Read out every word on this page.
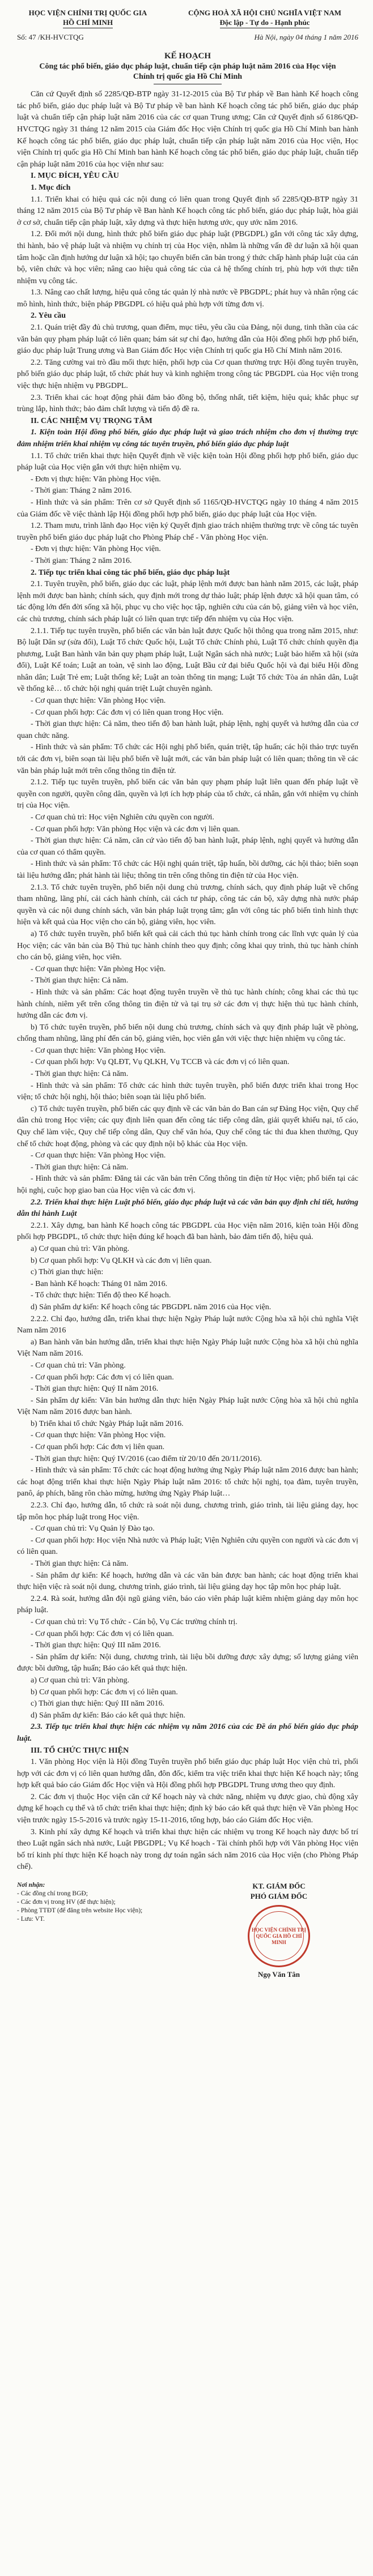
HỌC VIỆN CHÍNH TRỊ QUỐC GIA
HỒ CHÍ MINH
CỘNG HOÀ XÃ HỘI CHỦ NGHĨA VIỆT NAM
Độc lập - Tự do - Hạnh phúc
Số: 47 /KH-HVCTQG	Hà Nội, ngày 04 tháng 1 năm 2016
KẾ HOẠCH
Công tác phổ biến, giáo dục pháp luật, chuẩn tiếp cận pháp luật năm 2016 của Học viện Chính trị quốc gia Hồ Chí Minh

Căn cứ Quyết định số 2285/QĐ-BTP ngày 31-12-2015 của Bộ Tư pháp về Ban hành Kế hoạch công tác phổ biến, giáo dục pháp luật và Bộ Tư pháp về ban hành Kế hoạch công tác phổ biến, giáo dục pháp luật và chuẩn tiếp cận pháp luật năm 2016 của các cơ quan Trung ương; Căn cứ Quyết định số 6186/QĐ-HVCTQG ngày 31 tháng 12 năm 2015 của Giám đốc Học viện Chính trị quốc gia Hồ Chí Minh ban hành Kế hoạch công tác phổ biến, giáo dục pháp luật, chuẩn tiếp cận pháp luật năm 2016 của Học viện, Học viện Chính trị quốc gia Hồ Chí Minh ban hành Kế hoạch công tác phổ biến, giáo dục pháp luật, chuẩn tiếp cận pháp luật năm 2016 của học viện như sau:

I. MỤC ĐÍCH, YÊU CẦU

1. Mục đích

1.1. Triển khai có hiệu quả các nội dung có liên quan trong Quyết định số 2285/QĐ-BTP ngày 31 tháng 12 năm 2015 của Bộ Tư pháp về Ban hành Kế hoạch công tác phổ biến, giáo dục pháp luật, hòa giải ở cơ sở, chuẩn tiếp cận pháp luật, xây dựng và thực hiện hương ước, quy ước năm 2016.

1.2. Đổi mới nội dung, hình thức phổ biến giáo dục pháp luật (PBGDPL) gắn với công tác xây dựng, thi hành, bảo vệ pháp luật và nhiệm vụ chính trị của Học viện, nhằm là những vấn đề dư luận xã hội quan tâm hoặc cần định hướng dư luận xã hội; tạo chuyển biến căn bản trong ý thức chấp hành pháp luật của cán bộ, viên chức và học viên; nâng cao hiệu quả công tác của cả hệ thống chính trị, phù hợp với thực tiễn nhiệm vụ công tác.

1.3. Nâng cao chất lượng, hiệu quả công tác quản lý nhà nước về PBGDPL; phát huy và nhân rộng các mô hình, hình thức, biện pháp PBGDPL có hiệu quả phù hợp với từng đơn vị.

2. Yêu cầu

2.1. Quán triệt đầy đủ chủ trương, quan điểm, mục tiêu, yêu cầu của Đảng, nội dung, tinh thần của các văn bản quy phạm pháp luật có liên quan; bám sát sự chỉ đạo, hướng dẫn của Hội đồng phối hợp phổ biến, giáo dục pháp luật Trung ương và Ban Giám đốc Học viện Chính trị quốc gia Hồ Chí Minh năm 2016.

2.2. Tăng cường vai trò đầu mối thực hiện, phối hợp của Cơ quan thường trực Hội đồng tuyên truyền, phổ biến giáo dục pháp luật, tổ chức phát huy và kinh nghiệm trong công tác PBGDPL của Học viện trong việc thực hiện nhiệm vụ PBGDPL.

2.3. Triển khai các hoạt động phải đảm bảo đồng bộ, thống nhất, tiết kiệm, hiệu quả; khắc phục sự trùng lắp, hình thức; bảo đảm chất lượng và tiến độ đề ra.

II. CÁC NHIỆM VỤ TRỌNG TÂM

1. Kiện toàn Hội đồng phổ biến, giáo dục pháp luật và giao trách nhiệm cho đơn vị thường trực đảm nhiệm triển khai nhiệm vụ công tác tuyên truyền, phổ biến giáo dục pháp luật

1.1. Tổ chức triển khai thực hiện Quyết định về việc kiện toàn Hội đồng phối hợp phổ biến, giáo dục pháp luật của Học viện gắn với thực hiện nhiệm vụ.

- Đơn vị thực hiện: Văn phòng Học viện.

- Thời gian: Tháng 2 năm 2016.

- Hình thức và sản phẩm: Trên cơ sở Quyết định số 1165/QĐ-HVCTQG ngày 10 tháng 4 năm 2015 của Giám đốc về việc thành lập Hội đồng phối hợp phổ biến, giáo dục pháp luật của Học viện.

1.2. Tham mưu, trình lãnh đạo Học viện ký Quyết định giao trách nhiệm thường trực về công tác tuyên truyền phổ biến giáo dục pháp luật cho Phòng Pháp chế - Văn phòng Học viện.

- Đơn vị thực hiện: Văn phòng Học viện.

- Thời gian: Tháng 2 năm 2016.

2. Tiếp tục triển khai công tác phổ biến, giáo dục pháp luật

2.1. Tuyên truyền, phổ biến, giáo dục các luật, pháp lệnh mới được ban hành năm 2015, các luật, pháp lệnh mới được ban hành; chính sách, quy định mới trong dự thảo luật; pháp lệnh được xã hội quan tâm, có tác động lớn đến đời sống xã hội, phục vụ cho việc học tập, nghiên cứu của cán bộ, giảng viên và học viên, các chủ trương, chính sách pháp luật có liên quan trực tiếp đến nhiệm vụ của Học viện.

2.1.1. Tiếp tục tuyên truyền, phổ biến các văn bản luật được Quốc hội thông qua trong năm 2015, như: Bộ luật Dân sự (sửa đổi), Luật Tổ chức Quốc hội, Luật Tổ chức Chính phủ, Luật Tổ chức chính quyền địa phương, Luật Ban hành văn bản quy phạm pháp luật, Luật Ngân sách nhà nước; Luật bảo hiểm xã hội (sửa đổi), Luật Kế toán; Luật an toàn, vệ sinh lao động, Luật Bầu cử đại biểu Quốc hội và đại biểu Hội đồng nhân dân; Luật Trẻ em; Luật thống kê; Luật an toàn thông tin mạng; Luật Tổ chức Tòa án nhân dân, Luật về thống kê… tổ chức hội nghị quán triệt Luật chuyên ngành.

- Cơ quan thực hiện: Văn phòng Học viện.

- Cơ quan phối hợp: Các đơn vị có liên quan trong Học viện.

- Thời gian thực hiện: Cả năm, theo tiến độ ban hành luật, pháp lệnh, nghị quyết và hướng dẫn của cơ quan chức năng.

- Hình thức và sản phẩm: Tổ chức các Hội nghị phổ biến, quán triệt, tập huấn; các hội thảo trực tuyến tới các đơn vị, biên soạn tài liệu phổ biến về luật mới, các văn bản pháp luật có liên quan; thông tin về các văn bản pháp luật mới trên cổng thông tin điện tử.

2.1.2. Tiếp tục tuyên truyền, phổ biến các văn bản quy phạm pháp luật liên quan đến pháp luật về quyền con người, quyền công dân, quyền và lợi ích hợp pháp của tổ chức, cá nhân, gắn với nhiệm vụ chính trị của Học viện.

- Cơ quan chủ trì: Học viện Nghiên cứu quyền con người.

- Cơ quan phối hợp: Văn phòng Học viện và các đơn vị liên quan.

- Thời gian thực hiện: Cả năm, căn cứ vào tiến độ ban hành luật, pháp lệnh, nghị quyết và hướng dẫn của cơ quan có thẩm quyền.

- Hình thức và sản phẩm: Tổ chức các Hội nghị quán triệt, tập huấn, bồi dưỡng, các hội thảo; biên soạn tài liệu hướng dẫn; phát hành tài liệu; thông tin trên cổng thông tin điện tử của Học viện.

2.1.3. Tổ chức tuyên truyền, phổ biến nội dung chủ trương, chính sách, quy định pháp luật về chống tham nhũng, lãng phí, cải cách hành chính, cải cách tư pháp, công tác cán bộ, xây dựng nhà nước pháp quyền và các nội dung chính sách, văn bản pháp luật trọng tâm; gắn với công tác phổ biến tình hình thực hiện và kết quả của Học viện cho cán bộ, giảng viên, học viên.

a) Tổ chức tuyên truyền, phổ biến kết quả cải cách thủ tục hành chính trong các lĩnh vực quản lý của Học viện; các văn bản của Bộ Thủ tục hành chính theo quy định; công khai quy trình, thủ tục hành chính cho cán bộ, giảng viên, học viên.

- Cơ quan thực hiện: Văn phòng Học viện.

- Thời gian thực hiện: Cả năm.

- Hình thức và sản phẩm: Các hoạt động tuyên truyền về thủ tục hành chính; công khai các thủ tục hành chính, niêm yết trên cổng thông tin điện tử và tại trụ sở các đơn vị thực hiện thủ tục hành chính, hướng dẫn các đơn vị.

b) Tổ chức tuyên truyền, phổ biến nội dung chủ trương, chính sách và quy định pháp luật về phòng, chống tham nhũng, lãng phí đến cán bộ, giảng viên, học viên gắn với việc thực hiện nhiệm vụ công tác.

- Cơ quan thực hiện: Văn phòng Học viện.

- Cơ quan phối hợp: Vụ QLĐT, Vụ QLKH, Vụ TCCB và các đơn vị có liên quan.

- Thời gian thực hiện: Cả năm.

- Hình thức và sản phẩm: Tổ chức các hình thức tuyên truyền, phổ biến được triển khai trong Học viện; tổ chức hội nghị, hội thảo; biên soạn tài liệu phổ biến.

c) Tổ chức tuyên truyền, phổ biến các quy định về các văn bản do Ban cán sự Đảng Học viện, Quy chế dân chủ trong Học viện; các quy định liên quan đến công tác tiếp công dân, giải quyết khiếu nại, tố cáo, Quy chế làm việc, Quy chế tiếp công dân, Quy chế văn hóa, Quy chế công tác thi đua khen thưởng, Quy chế tổ chức hoạt động, phòng và các quy định nội bộ khác của Học viện.

- Cơ quan thực hiện: Văn phòng Học viện.

- Thời gian thực hiện: Cả năm.

- Hình thức và sản phẩm: Đăng tải các văn bản trên Cổng thông tin điện tử Học viện; phổ biến tại các hội nghị, cuộc họp giao ban của Học viện và các đơn vị.

2.2. Triển khai thực hiện Luật phổ biến, giáo dục pháp luật và các văn bản quy định chi tiết, hướng dẫn thi hành Luật

2.2.1. Xây dựng, ban hành Kế hoạch công tác PBGDPL của Học viện năm 2016, kiện toàn Hội đồng phối hợp PBGDPL, tổ chức thực hiện đúng kế hoạch đã ban hành, bảo đảm tiến độ, hiệu quả.

a) Cơ quan chủ trì: Văn phòng.

b) Cơ quan phối hợp: Vụ QLKH và các đơn vị liên quan.

c) Thời gian thực hiện:

- Ban hành Kế hoạch: Tháng 01 năm 2016.

- Tổ chức thực hiện: Tiến độ theo Kế hoạch.

d) Sản phẩm dự kiến: Kế hoạch công tác PBGDPL năm 2016 của Học viện.

2.2.2. Chỉ đạo, hướng dẫn, triển khai thực hiện Ngày Pháp luật nước Cộng hòa xã hội chủ nghĩa Việt Nam năm 2016

a) Ban hành văn bản hướng dẫn, triển khai thực hiện Ngày Pháp luật nước Cộng hòa xã hội chủ nghĩa Việt Nam năm 2016.

- Cơ quan chủ trì: Văn phòng.

- Cơ quan phối hợp: Các đơn vị có liên quan.

- Thời gian thực hiện: Quý II năm 2016.

- Sản phẩm dự kiến: Văn bản hướng dẫn thực hiện Ngày Pháp luật nước Cộng hòa xã hội chủ nghĩa Việt Nam năm 2016 được ban hành.

b) Triển khai tổ chức Ngày Pháp luật năm 2016.

- Cơ quan thực hiện: Văn phòng Học viện.

- Cơ quan phối hợp: Các đơn vị liên quan.

- Thời gian thực hiện: Quý IV/2016 (cao điểm từ 20/10 đến 20/11/2016).

- Hình thức và sản phẩm: Tổ chức các hoạt động hưởng ứng Ngày Pháp luật năm 2016 được ban hành; các hoạt động triển khai thực hiện Ngày Pháp luật năm 2016: tổ chức hội nghị, tọa đàm, tuyên truyền, panô, áp phích, băng rôn chào mừng, hưởng ứng Ngày Pháp luật…

2.2.3. Chỉ đạo, hướng dẫn, tổ chức rà soát nội dung, chương trình, giáo trình, tài liệu giảng dạy, học tập môn học pháp luật trong Học viện.

- Cơ quan chủ trì: Vụ Quản lý Đào tạo.

- Cơ quan phối hợp: Học viện Nhà nước và Pháp luật; Viện Nghiên cứu quyền con người và các đơn vị có liên quan.

- Thời gian thực hiện: Cả năm.

- Sản phẩm dự kiến: Kế hoạch, hướng dẫn và các văn bản được ban hành; các hoạt động triển khai thực hiện việc rà soát nội dung, chương trình, giáo trình, tài liệu giảng dạy học tập môn học pháp luật.

2.2.4. Rà soát, hướng dẫn đội ngũ giảng viên, báo cáo viên pháp luật kiêm nhiệm giảng dạy môn học pháp luật.

- Cơ quan chủ trì: Vụ Tổ chức - Cán bộ, Vụ Các trường chính trị.

- Cơ quan phối hợp: Các đơn vị có liên quan.

- Thời gian thực hiện: Quý III năm 2016.

- Sản phẩm dự kiến: Nội dung, chương trình, tài liệu bồi dưỡng được xây dựng; số lượng giảng viên được bồi dưỡng, tập huấn; Báo cáo kết quả thực hiện.

a) Cơ quan chủ trì: Văn phòng.

b) Cơ quan phối hợp: Các đơn vị có liên quan.

c) Thời gian thực hiện: Quý III năm 2016.

d) Sản phẩm dự kiến: Báo cáo kết quả thực hiện.

2.3. Tiếp tục triển khai thực hiện các nhiệm vụ năm 2016 của các Đề án phổ biến giáo dục pháp luật.

III. TỔ CHỨC THỰC HIỆN

1. Văn phòng Học viện là Hội đồng Tuyên truyền phổ biến giáo dục pháp luật Học viện chủ trì, phối hợp với các đơn vị có liên quan hướng dẫn, đôn đốc, kiểm tra việc triển khai thực hiện Kế hoạch này; tổng hợp kết quả báo cáo Giám đốc Học viện và Hội đồng phối hợp PBGDPL Trung ương theo quy định.

2. Các đơn vị thuộc Học viện căn cứ Kế hoạch này và chức năng, nhiệm vụ được giao, chủ động xây dựng kế hoạch cụ thể và tổ chức triển khai thực hiện; định kỳ báo cáo kết quả thực hiện về Văn phòng Học viện trước ngày 15-5-2016 và trước ngày 15-11-2016, tổng hợp, báo cáo Giám đốc Học viện.

3. Kinh phí xây dựng Kế hoạch và triển khai thực hiện các nhiệm vụ trong Kế hoạch này được bố trí theo Luật ngân sách nhà nước, Luật PBGDPL; Vụ Kế hoạch - Tài chính phối hợp với Văn phòng Học viện bố trí kinh phí thực hiện Kế hoạch này trong dự toán ngân sách năm 2016 của Học viện (cho Phòng Pháp chế).

Nơi nhận:
- Các đồng chí trong BGĐ;
- Các đơn vị trong HV (để thực hiện);
- Phòng TTĐT (để đăng trên website Học viện);
- Lưu: VT.
KT. GIÁM ĐỐC
PHÓ GIÁM ĐỐC
HỌC VIỆN CHÍNH TRỊ QUỐC GIA HỒ CHÍ MINH
Ngọ Văn Tân
